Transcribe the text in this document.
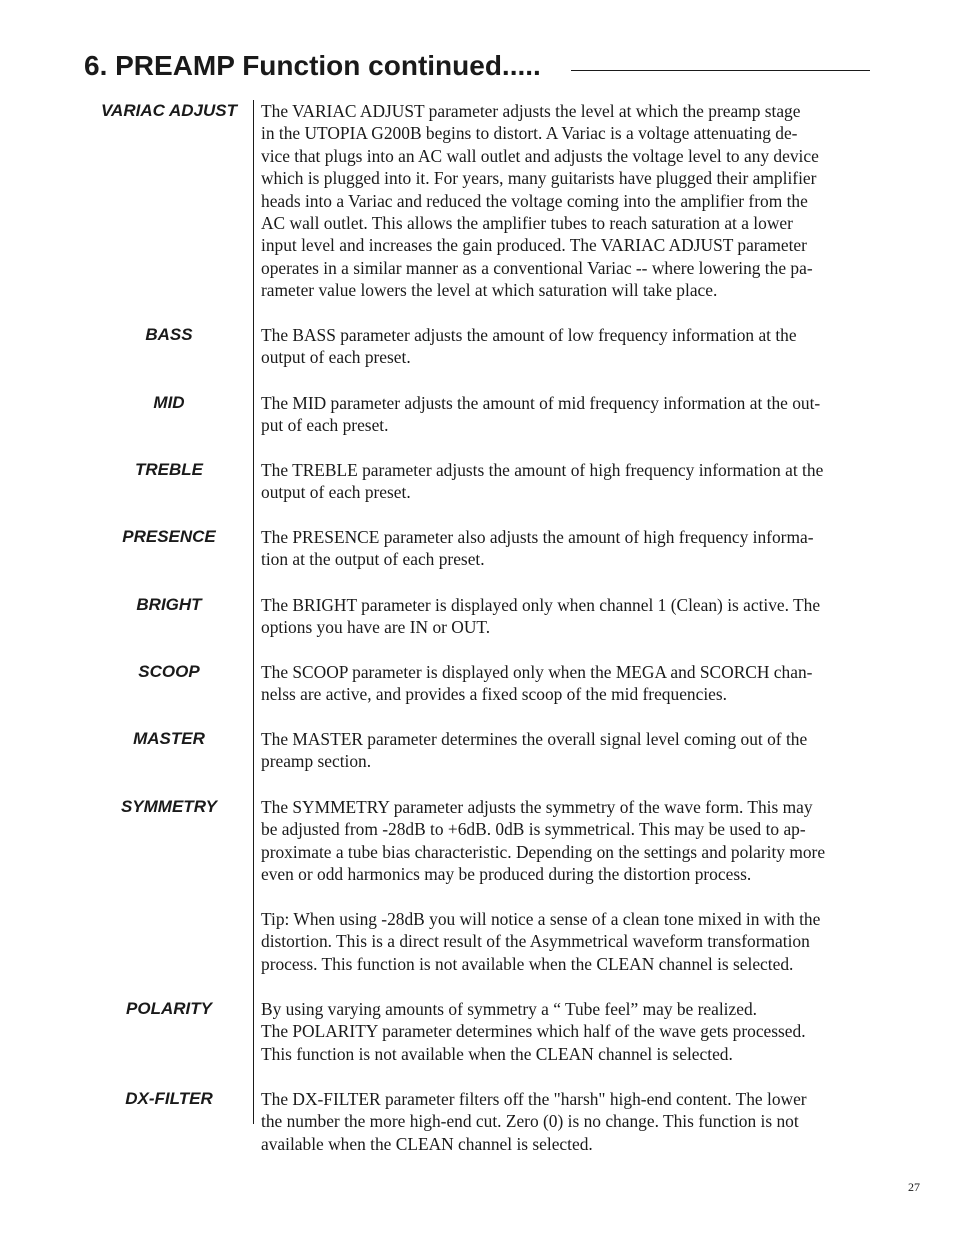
6. PREAMP Function continued.....
VARIAC ADJUST	The VARIAC ADJUST parameter adjusts the level at which the preamp stage
in the UTOPIA G200B begins to distort. A Variac is a voltage attenuating de-
vice that plugs into an AC wall outlet and adjusts the voltage level to any device
which is plugged into it. For years, many guitarists have plugged their amplifier
heads into a Variac and reduced the voltage coming into the amplifier from the
AC wall outlet. This allows the amplifier tubes to reach saturation at a lower
input level and increases the gain produced. The VARIAC ADJUST parameter
operates in a similar manner as a conventional Variac -- where lowering the pa-
rameter value lowers the level at which saturation will take place.

BASS	The BASS parameter adjusts the amount of low frequency information at the
output of each preset.

MID	The MID parameter adjusts the amount of mid frequency information at the out-
put of each preset.

TREBLE	The TREBLE parameter adjusts the amount of high frequency information at the
output of each preset.

PRESENCE	The PRESENCE parameter also adjusts the amount of high frequency informa-
tion at the output of each preset.

BRIGHT	The BRIGHT parameter is displayed only when channel 1 (Clean) is active. The
options you have are IN or OUT.

SCOOP	The SCOOP parameter is displayed only when the MEGA and SCORCH chan-
nelss are active, and provides a fixed scoop of the mid frequencies.

MASTER	The MASTER parameter determines the overall signal level coming out of the
preamp section.

SYMMETRY	The SYMMETRY parameter adjusts the symmetry of the wave form. This may
be adjusted from -28dB to +6dB. 0dB is symmetrical. This may be used to ap-
proximate a tube bias characteristic. Depending on the settings and polarity more
even or odd harmonics may be produced during the distortion process.

Tip: When using -28dB you will notice a sense of a clean tone mixed in with the
distortion. This is a direct result of the Asymmetrical waveform transformation
process. This function is not available when the CLEAN channel is selected.

POLARITY	By using varying amounts of symmetry a “ Tube feel” may be realized.
The POLARITY parameter determines which half of the wave gets processed.
This function is not available when the CLEAN channel is selected.

DX-FILTER	The DX-FILTER parameter filters off the "harsh" high-end content. The lower
the number the more high-end cut. Zero (0) is no change. This function is not
available when the CLEAN channel is selected.

27
